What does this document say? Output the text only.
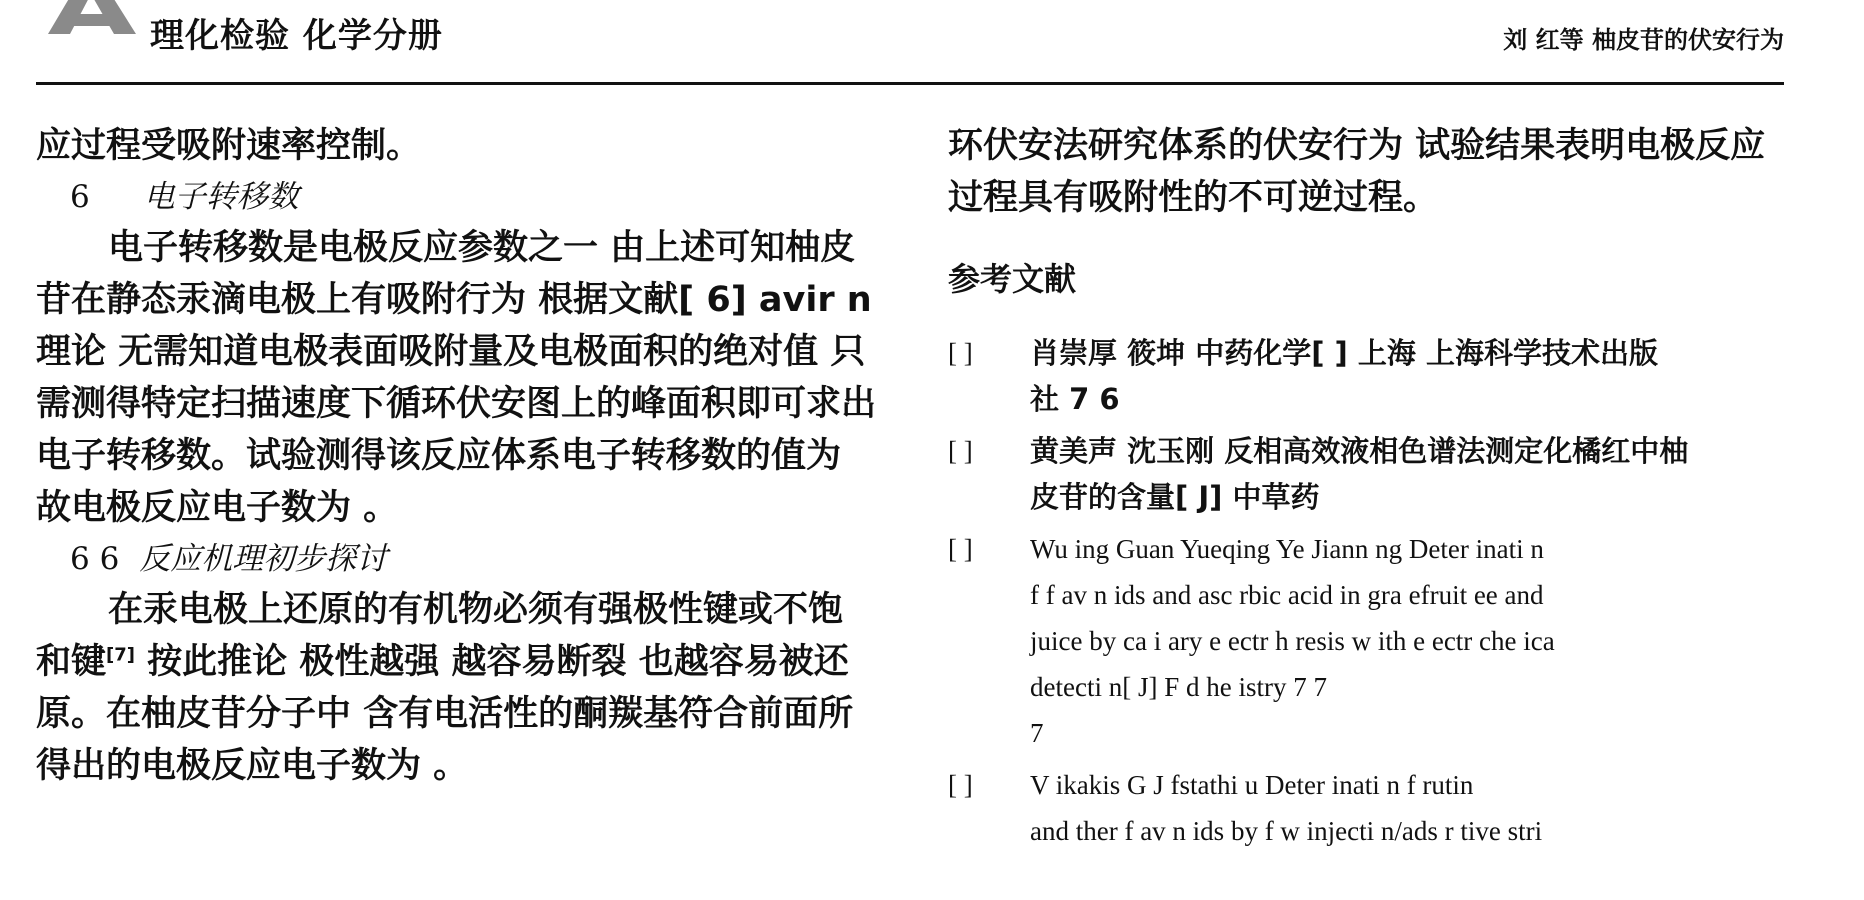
理化检验 化学分册	刘 红等 柚皮苷的伏安行为

应过程受吸附速率控制。

6 电子转移数

电子转移数是电极反应参数之一 由上述可知柚皮苷在静态汞滴电极上有吸附行为 根据文献[ 6] avir n 理论 无需知道电极表面吸附量及电极面积的绝对值 只需测得特定扫描速度下循环伏安图上的峰面积即可求出电子转移数。试验测得该反应体系电子转移数的值为 故电极反应电子数为 。

6 6 反应机理初步探讨

在汞电极上还原的有机物必须有强极性键或不饱和键[7] 按此推论 极性越强 越容易断裂 也越容易被还原。在柚皮苷分子中 含有电活性的酮羰基符合前面所得出的电极反应电子数为 。

环伏安法研究体系的伏安行为 试验结果表明电极反应过程具有吸附性的不可逆过程。

参考文献
[ ] 肖崇厚 筱坤 中药化学[ ] 上海 上海科学技术出版
社 7 6
[ ] 黄美声 沈玉刚 反相高效液相色谱法测定化橘红中柚
皮苷的含量[ J] 中草药
[ ] Wu ing Guan Yueqing Ye Jiann ng Deter inati n
f f av n ids and asc rbic acid in gra efruit ee and
juice by ca i ary e ectr h resis w ith e ectr che ica
detecti n[ J] F d he istry 7 7
7
[ ] V ikakis G J fstathi u Deter inati n f rutin
and ther f av n ids by f w injecti n/ads r tive stri
